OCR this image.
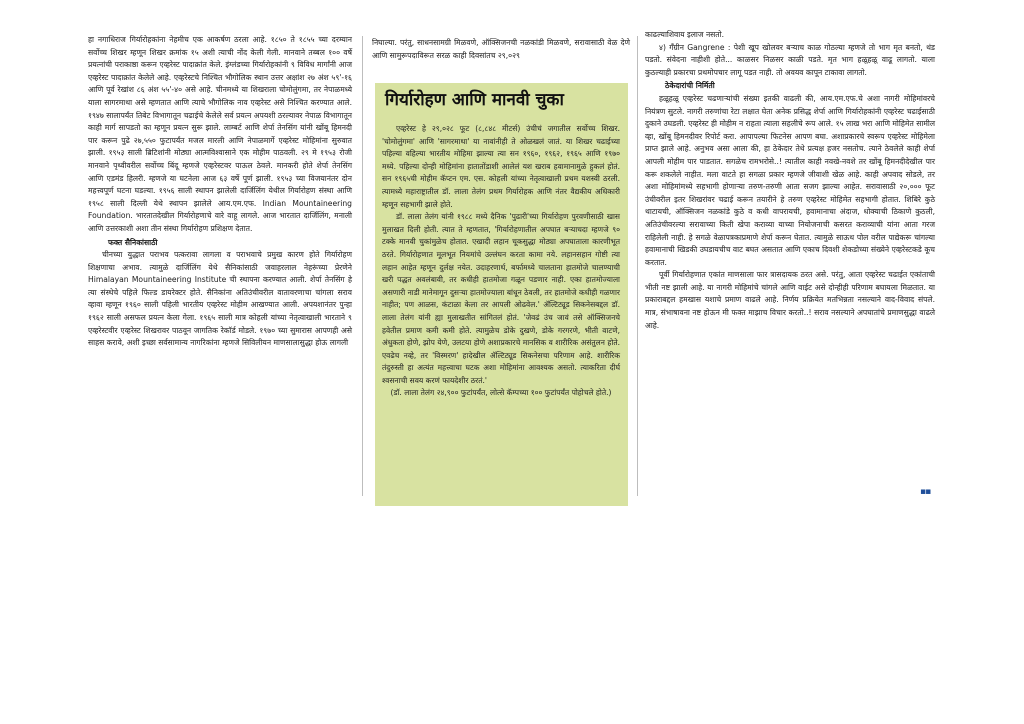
हा नगाधिराज गिर्यारोहकांना नेहमीच एक आकर्षण ठरला आहे. १८५० ते १८५५ च्या दरम्यान सर्वोच्च शिखर म्हणून शिखर क्रमांक १५ अशी त्याची नोंद केली गेली. मानवाने तब्बल १०० वर्षे प्रयत्नांची पराकाष्ठा करून एव्हरेस्ट पादाक्रांत केले. इंग्लंडच्या गिर्यारोहकांनी ९ विविध मार्गांनी आज एव्हरेस्ट पादाक्रांत केलेले आहे. एव्हरेस्टचे निश्चित भौगोलिक स्थान उत्तर अक्षांश २७ अंश ५९'-१६ आणि पूर्व रेखांश ८६ अंश ५५'-४० असे आहे. चीनमध्ये या शिखराला चोमोलुंगमा, तर नेपाळमध्ये याला सागरमाथा असे म्हणतात आणि त्याचे भौगोलिक नाव एव्हरेस्ट असे निश्चित करण्यात आले. १९४७ सालापर्यंत तिबेट विभागातून चढाईचे केलेले सर्व प्रयत्न अपयशी ठरल्यावर नेपाळ विभागातून काही मार्ग सापडतो का म्हणून प्रयत्न सुरू झाले. लाम्बर्ट आणि शेर्पा तेनसिंग यांनी खोंबू हिमनदी पार करून पुढे २७,५५० फुटापर्यंत मजल मारली आणि नेपाळमार्गे एव्हरेस्ट मोहिमांना सुरुवात झाली. १९५३ साली ब्रिटिशांनी मोठ्या आत्मविश्वासाने एक मोहीम पाठवली. २९ मे १९५३ रोजी मानवाने पृथ्वीवरील सर्वोच्च बिंदू म्हणजे एव्हरेस्टवर पाऊल ठेवले. मानकरी होते शेर्पा तेनसिंग आणि एडमंड हिलरी. म्हणजे या घटनेला आज ६३ वर्षे पूर्ण झाली. १९५३ च्या विजयानंतर दोन महत्त्वपूर्ण घटना घडल्या. १९५६ साली स्थापन झालेली दार्जिलिंग येथील गिर्यारोहण संस्था आणि १९५८ साली दिल्ली येथे स्थापन झालेले आय.एम.एफ. Indian Mountaineering Foundation. भारतातदेखील गिर्यारोहणाचे वारे वाहू लागले. आज भारतात दार्जिलिंग, मनाली आणि उत्तरकाशी अशा तीन संस्था गिर्यारोहण प्रशिक्षण देतात.

फक्त सैनिकांसाठी

चीनच्या युद्धात पराभव पत्करावा लागला व पराभवाचे प्रमुख कारण होते गिर्यारोहण शिक्षणाचा अभाव. त्यामुळे दार्जिलिंग येथे सैनिकांसाठी जवाहरलाल नेहरूंच्या प्रेरणेने Himalayan Mountaineering Institute ची स्थापना करण्यात आली. शेर्पा तेनसिंग हे त्या संस्थेचे पहिले फिल्ड डायरेक्टर होते. सैनिकांना अतिउंचीवरील वातावरणाचा चांगला सराव व्हावा म्हणून १९६० साली पहिली भारतीय एव्हरेस्ट मोहीम आखण्यात आली. अपयशानंतर पुन्हा १९६२ साली असफल प्रयत्न केला गेला. १९६५ साली मात्र कोहली यांच्या नेतृत्वाखाली भारताने ९ एव्हरेस्टवीर एव्हरेस्ट शिखरावर पाठवून जागतिक रेकॉर्ड मोडले. १९७० च्या सुमारास आपणही असे साहस करावे, अशी इच्छा सर्वसामान्य नागरिकांना म्हणजे सिविलीयन माणसालासुद्धा होऊ लागली

निघाल्या. परंतु, साधनसामग्री मिळवणे, ऑक्सिजनची नळकांडी मिळवणे, सरावासाठी वेळ देणे आणि सामुरूपदाविरूत सरळ काही दिवसांतच २९,०२९

गिर्यारोहण आणि मानवी चुका

एव्हरेस्ट हे २९,०२८ फूट (८,८४८ मीटर्स) उंचीचं जगातील सर्वोच्च शिखर. 'चोमोलुंगमा' आणि 'सागरमाथा' या नावांनीही ते ओळखलं जातं. या शिखर चढाईच्या पहिल्या वहिल्या भारतीय मोहिमा झाल्या त्या सन १९६०, १९६२, १९६५ आणि १९७० मध्ये. पहिल्या दोन्ही मोहिमांना हातातोंडाशी आलेलं यश खराब हवामानामुळे हुकलं होतं. सन १९६५ची मोहीम कॅप्टन एम. एस. कोहली यांच्या नेतृत्वाखाली प्रथम यशस्वी ठरली. त्यामध्ये महाराष्ट्रातील डॉ. लाला तेलंग प्रथम गिर्यारोहक आणि नंतर वैद्यकीय अधिकारी म्हणून सहभागी झाले होते.

डॉ. लाला तेलंग यांनी १९८८ मध्ये दैनिक 'पुढारी'च्या गिर्यारोहण पुरवणीसाठी खास मुलाखत दिली होती. त्यात ते म्हणतात, 'गिर्यारोहणातील अपघात बऱ्याचदा म्हणजे ९० टक्के मानवी चुकांमुळेच होतात. एखादी लहान चूकसुद्धा मोठ्या अपघाताला कारणीभूत ठरते. गिर्यारोहणात मूलभूत नियमांचे उल्लंघन करता कामा नये. लहानसहान गोष्टी त्या लहान आहेत म्हणून दुर्लक्ष नयेत. उदाहरणार्थ, बर्फामध्ये चालताना हातमोजे चालण्याची खरी पद्धत अवलंबावी, तर कधीही हातमोजा गळून पडणार नाही. एका हातमोज्याला असणारी नाडी मानेमागून दुसऱ्या हातमोज्याला बांधून ठेवली, तर हातमोजे कधीही गळणार नाहीत; पण आळस, कंटाळा केला तर आपली ओढवेल.' ॲल्टिट्यूड सिकनेसबद्दल डॉ. लाला तेलंग यांनी ह्या मुलाखतीत सांगितलं होतं. 'जेवढं उंच जावं तसे ऑक्सिजनचे हवेतील प्रमाण कमी कमी होते. त्यामुळेच डोके दुखणे, डोके गरगरणे, भीती वाटणे, अंधुकता होणे, झोप येणे, उलटया होणे अशाप्रकारचे मानसिक व शारीरिक असंतुलन होते. एवढेच नव्हे, तर 'विस्मरण' हादेखील ॲल्टिट्यूड सिकनेसचा परिणाम आहे. शारीरिक तंदुरुस्ती हा अत्यंत महत्त्वाचा घटक अशा मोहिमांना आवश्यक असतो. त्याकरिता दीर्घ श्वसनाची सवय करणं फायदेशीर ठरतं.'

(डॉ. लाला तेलंग २४,९०० फुटांपर्यंत, लोत्से कॅम्पच्या १०० फुटांपर्यंत पोहोचले होते.)

काढल्याशिवाय इलाज नसतो.

४) गँग्रीन Gangrene : पेशी खूप खोलवर बऱ्याच काळ गोठल्या म्हणजे तो भाग मृत बनतो, थंड पडतो. संवेदना नाहीशी होते... काळसर निळसर काळी पडते. मृत भाग हळूहळू वाढू लागतो. याला कुठल्याही प्रकारचा प्रथमोपचार लागू पडत नाही. तो अवयव कापून टाकावा लागतो.

ठेकेदारांची निर्मिती

हळूहळू एव्हरेस्ट चढणाऱ्यांची संख्या इतकी वाढली की, आय.एम.एफ.चे अशा नागरी मोहिमांवरचे नियंत्रण सुटले. नागरी तरुणांचा रेटा लक्षात घेता अनेक प्रसिद्ध शेर्पा आणि गिर्यारोहकांनी एव्हरेस्ट चढाईसाठी दुकाने उघडली. एव्हरेस्ट ही मोहीम न राहता त्याला सहलीचे रूप आले. १५ लाख भरा आणि मोहिमेत सामील व्हा, खोंबू हिमनदीवर रिपोर्ट करा. आपापल्या फिटनेस आपण बघा. अशाप्रकारचे स्वरूप एव्हरेस्ट मोहिमेला प्राप्त झाले आहे. अनुभव असा आला की, हा ठेकेदार तेथे प्रत्यक्ष हजर नसतोच. त्याने ठेवलेले काही शेर्पा आपली मोहीम पार पाडतात. सगळेच रामभरोसे..! त्यातील काही नवखे-नवशे तर खोंबू हिमनदीदेखील पार करू शकलेले नाहीत. मला वाटते हा सगळा प्रकार म्हणजे जीवाशी खेळ आहे. काही अपवाद सोडले, तर अशा मोहिमांमध्ये सहभागी होणाऱ्या तरुण-तरुणी आता सजग झाल्या आहेत. सरावासाठी २०,००० फूट उंचीवरील इतर शिखरांवर चढाई करून तयारीने हे तरुण एव्हरेस्ट मोहिमेत सहभागी होतात. शिबिरे कुठे थाटायची, ऑक्सिजन नळकांडे कुठे व कधी वापरायची, हवामानाचा अंदाज, धोक्याची ठिकाणे कुठली, अतिउंचीवरल्या सरावाच्या किती खेपा कराव्या याच्या नियोजनाची कसरत कराव्याची यांना आता गरज राहिलेली नाही. हे सगळे वेळापत्रकाप्रमाणे शेर्पा करून घेतात. त्यामुळे साऊथ पोल वरील पाद्येकरू चांगल्या हवामानाची खिडकी उघडायचीच वाट बघत असतात आणि एकाच दिवशी शेकडोच्या संख्येने एव्हरेस्टकडे कूच करतात.

पूर्वी गिर्यारोहणात एकांत माणसाला फार त्रासदायक ठरत असे. परंतु, आता एव्हरेस्ट चढाईत एकांताची भीती नष्ट झाली आहे. या नागरी मोहिमांचे चांगले आणि वाईट असे दोन्हीही परिणाम बघायला मिळतात. या प्रकाराबद्दल हमखास यशाचे प्रमाण वाढले आहे. निर्णय प्रक्रियेत मतभिन्नता नसल्याने वाद-विवाद संपले. मात्र, संभाषावना नष्ट होऊन मी फक्त माझाच विचार करतो..! सराव नसल्याने अपघातांचे प्रमाणसुद्धा वाढले आहे.

▪▪
